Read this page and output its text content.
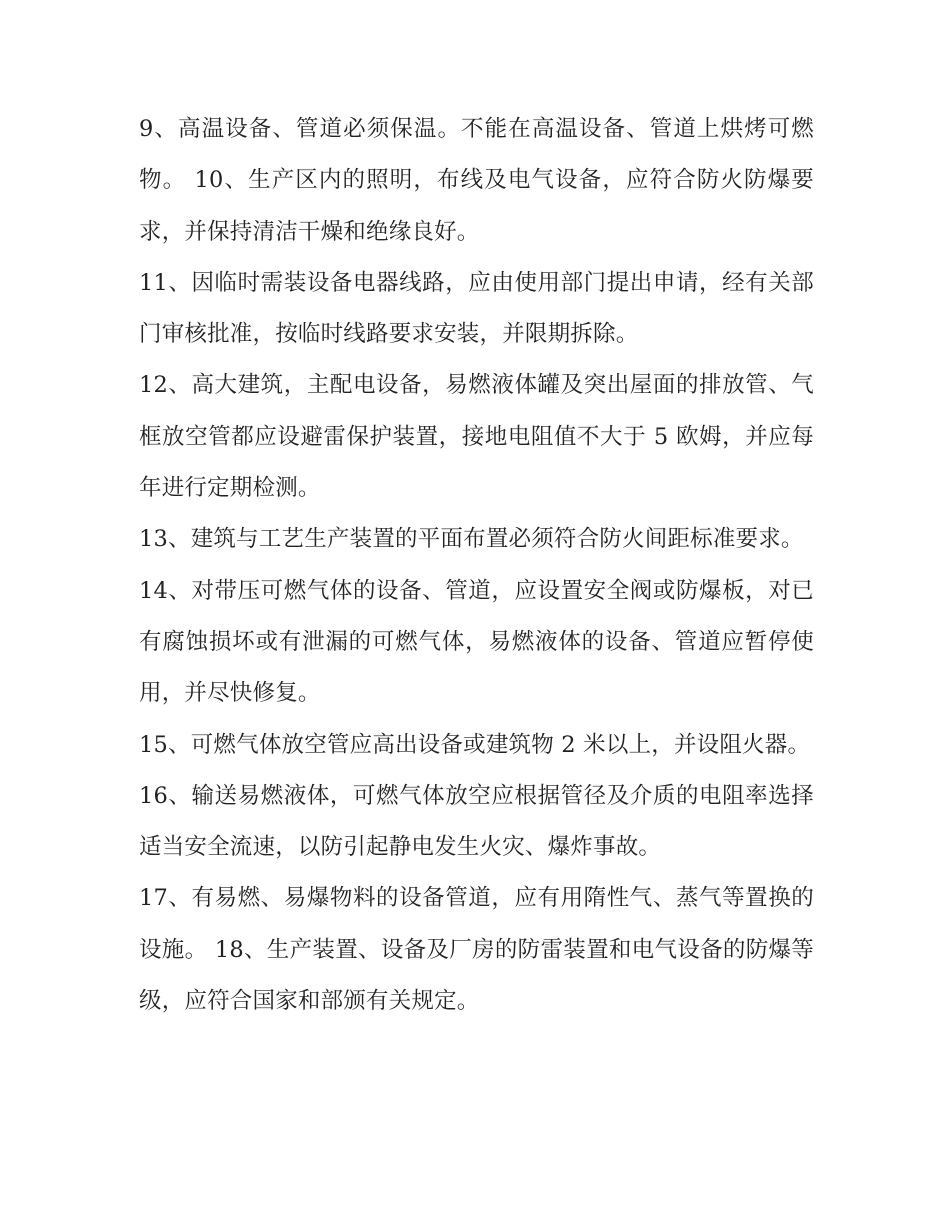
9、高温设备、管道必须保温。不能在高温设备、管道上烘烤可燃物。 10、生产区内的照明，布线及电气设备，应符合防火防爆要求，并保持清洁干燥和绝缘良好。

11、因临时需装设备电器线路，应由使用部门提出申请，经有关部门审核批准，按临时线路要求安装，并限期拆除。

12、高大建筑，主配电设备，易燃液体罐及突出屋面的排放管、气框放空管都应设避雷保护装置，接地电阻值不大于 5 欧姆，并应每年进行定期检测。

13、建筑与工艺生产装置的平面布置必须符合防火间距标准要求。

14、对带压可燃气体的设备、管道，应设置安全阀或防爆板，对已有腐蚀损坏或有泄漏的可燃气体，易燃液体的设备、管道应暂停使用，并尽快修复。

15、可燃气体放空管应高出设备或建筑物 2 米以上，并设阻火器。

16、输送易燃液体，可燃气体放空应根据管径及介质的电阻率选择适当安全流速，以防引起静电发生火灾、爆炸事故。

17、有易燃、易爆物料的设备管道，应有用隋性气、蒸气等置换的设施。 18、生产装置、设备及厂房的防雷装置和电气设备的防爆等级，应符合国家和部颁有关规定。
